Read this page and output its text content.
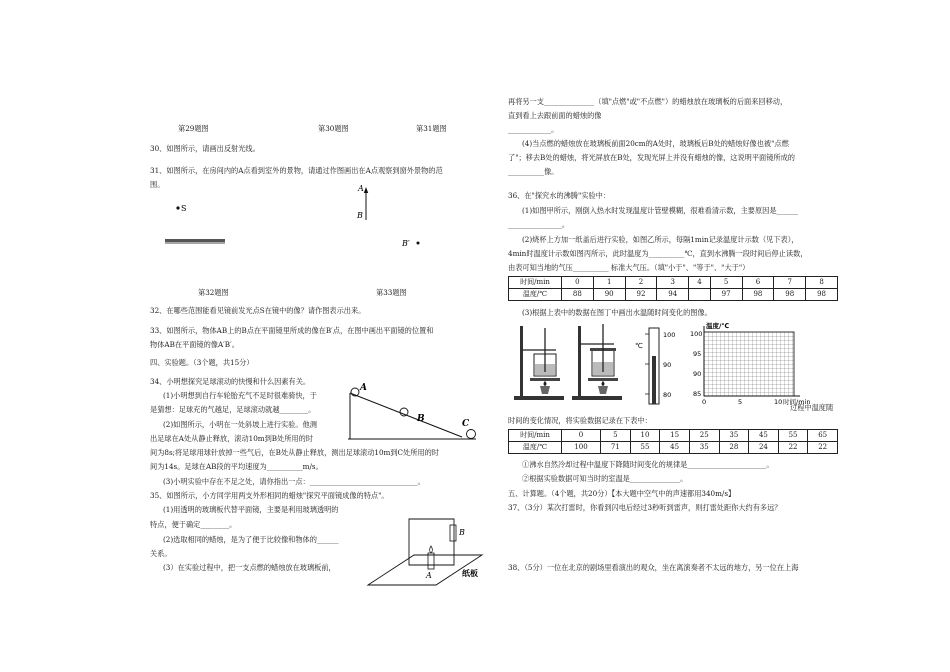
第29题图	第30题图	第31题图
30、如图所示，请画出反射光线。
31、如图所示，在房间内的A点看到室外的景物，请通过作图画出在A点观察到窗外景物的范
围。
S
A
B
B′
第32题图	第33题图
32、在哪些范围能看见镜前发光点S在镜中的像？请作图表示出来。
33、如图所示，物体AB上的B点在平面镜里所成的像在B′点，在图中画出平面镜的位置和
物体AB在平面镜的像A′B′。
四、实验题。（3个题，共15分）
34、小明想探究足球滚动的快慢和什么因素有关。
(1)小明想到自行车轮胎充气不足时很难骑快，于
是猜想：足球充的气越足，足球滚动就越________。
(2)如图所示，小明在一处斜坡上进行实验。他测
出足球在A处从静止释放，滚动10m到B处所用的时
间为8s;将足球用球针放掉一些气后，在B处从静止释放，测出足球滚动10m到C处所用的时
间为14s。足球在AB段的平均速度为__________m/s。
(3)小明实验中存在不足之处，请你指出一点：______________________________。
A
B	C
35、如图所示，小方同学用两支外形相同的蜡烛"探究平面镜成像的特点"。
(1)用透明的玻璃板代替平面镜，主要是利用玻璃透明的
特点，便于确定________。
(2)选取相同的蜡烛，是为了便于比较像和物体的______
关系。
(3）在实验过程中，把一支点燃的蜡烛放在玻璃板前，
B
A	纸板
再将另一支______________（填"点燃"或"不点燃"）的蜡烛放在玻璃板的后面来回移动，
直到看上去跟前面的蜡烛的像
____________。
(4)当点燃的蜡烛放在玻璃板前面20cm的A处时，玻璃板后B处的蜡烛好像也被"点燃
了"；移去B处的蜡烛，将光屏放在B处，发现光屏上并没有蜡烛的像，这说明平面镜所成的
__________像。
36、在"探究水的沸腾"实验中：
(1)如图甲所示，刚倒入热水时发现温度计管壁模糊，很难看清示数，主要原因是______
_______________。
(2)烧杯上方加一纸盖后进行实验，如图乙所示，每隔1min记录温度计示数（见下表），
4min时温度计示数如图丙所示，此时温度为__________℃，直到水沸腾一段时间后停止读数，
由表可知当地的气压__________ 标准大气压。（填"小于"、"等于"、"大于"）
时间/min	0	1	2	3	4	5	6	7	8
温度/℃	88	90	92	94		97	98	98	98
(3)根据上表中的数据在图丁中画出水温随时间变化的图像。
℃
100
90
80
温度/℃
100
95
90
85
0	5	10 时间/min
过程中温度随
时间的变化情况，将实验数据记录在下表中：
时间/min	0	5	10	15	25	35	45	55	65
温度/℃	100	71	55	45	35	28	24	22	22
①沸水自然冷却过程中温度下降随时间变化的规律是______________________。
②根据实验数据可知当时的室温是______________。
五、计算题。（4个题，共20分）【本大题中空气中的声速都用340m/s】
37、（3分）某次打雷时，你看到闪电后经过3秒听到雷声，则打雷处距你大约有多远？
38、（5分）一位在北京的剧场里看演出的观众，坐在离演奏者不太远的地方，另一位在上海
